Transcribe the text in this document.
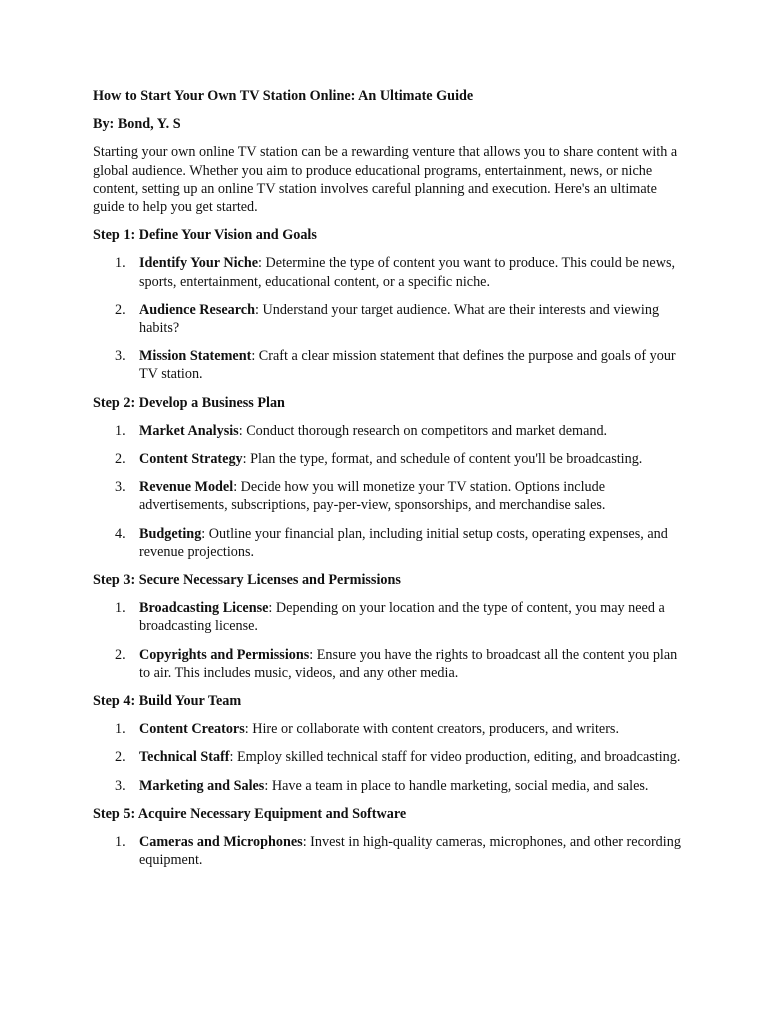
How to Start Your Own TV Station Online: An Ultimate Guide

By: Bond, Y. S

Starting your own online TV station can be a rewarding venture that allows you to share content with a global audience. Whether you aim to produce educational programs, entertainment, news, or niche content, setting up an online TV station involves careful planning and execution. Here's an ultimate guide to help you get started.

Step 1: Define Your Vision and Goals

1. Identify Your Niche: Determine the type of content you want to produce. This could be news, sports, entertainment, educational content, or a specific niche.
2. Audience Research: Understand your target audience. What are their interests and viewing habits?
3. Mission Statement: Craft a clear mission statement that defines the purpose and goals of your TV station.

Step 2: Develop a Business Plan

1. Market Analysis: Conduct thorough research on competitors and market demand.
2. Content Strategy: Plan the type, format, and schedule of content you'll be broadcasting.
3. Revenue Model: Decide how you will monetize your TV station. Options include advertisements, subscriptions, pay-per-view, sponsorships, and merchandise sales.
4. Budgeting: Outline your financial plan, including initial setup costs, operating expenses, and revenue projections.

Step 3: Secure Necessary Licenses and Permissions

1. Broadcasting License: Depending on your location and the type of content, you may need a broadcasting license.
2. Copyrights and Permissions: Ensure you have the rights to broadcast all the content you plan to air. This includes music, videos, and any other media.

Step 4: Build Your Team

1. Content Creators: Hire or collaborate with content creators, producers, and writers.
2. Technical Staff: Employ skilled technical staff for video production, editing, and broadcasting.
3. Marketing and Sales: Have a team in place to handle marketing, social media, and sales.

Step 5: Acquire Necessary Equipment and Software

1. Cameras and Microphones: Invest in high-quality cameras, microphones, and other recording equipment.
